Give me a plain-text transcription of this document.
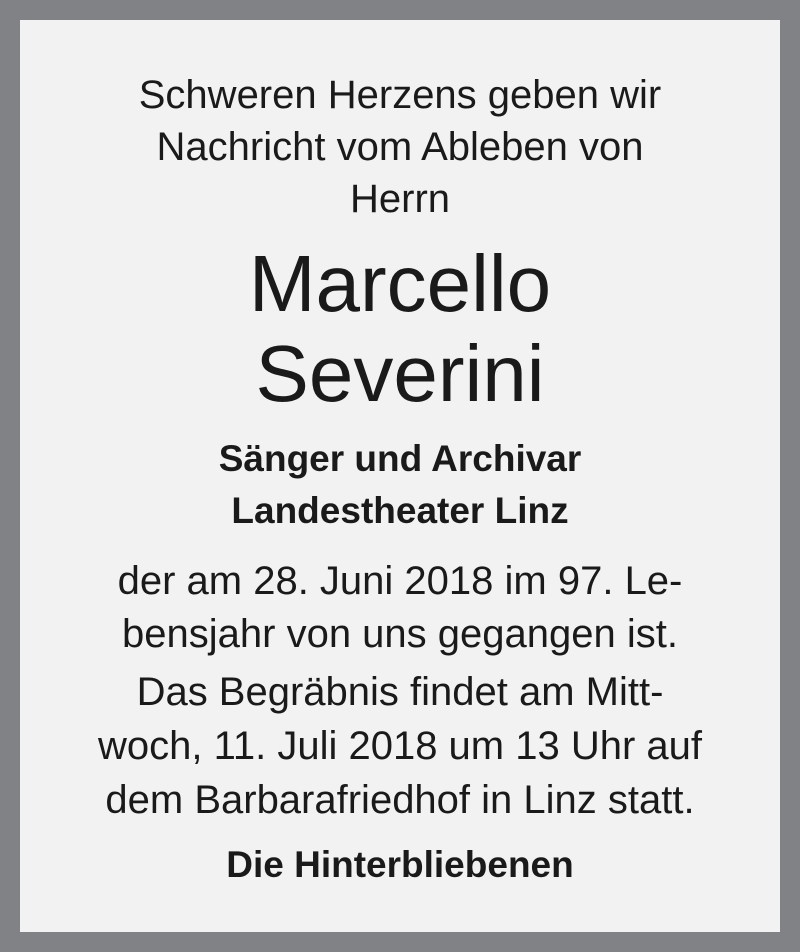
Schweren Herzens geben wir
Nachricht vom Ableben von
Herrn
Marcello
Severini
Sänger und Archivar
Landestheater Linz
der am 28. Juni 2018 im 97. Le-
bensjahr von uns gegangen ist.
Das Begräbnis findet am Mitt-
woch, 11. Juli 2018 um 13 Uhr auf
dem Barbarafriedhof in Linz statt.
Die Hinterbliebenen
